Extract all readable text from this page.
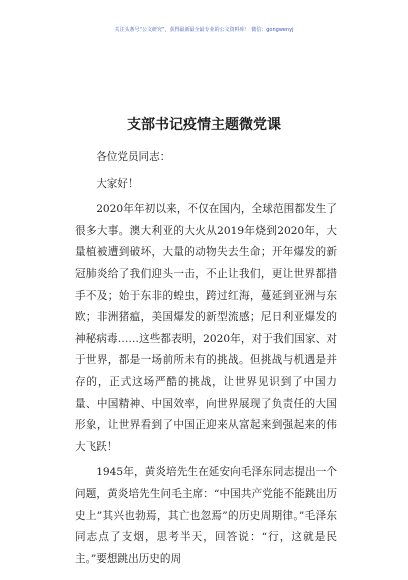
关注头条号“公文研究”，获得最新最全最专业的公文资料库！ 微信：gongwenyj
支部书记疫情主题微党课

各位党员同志：

大家好！

2020年年初以来，不仅在国内，全球范围都发生了很多大事。澳大利亚的大火从2019年烧到2020年，大量植被遭到破坏，大量的动物失去生命；开年爆发的新冠肺炎给了我们迎头一击，不止让我们，更让世界都措手不及；始于东非的蝗虫，跨过红海，蔓延到亚洲与东欧；非洲猪瘟，美国爆发的新型流感；尼日利亚爆发的神秘病毒……这些都表明，2020年，对于我们国家、对于世界，都是一场前所未有的挑战。但挑战与机遇是并存的，正式这场严酷的挑战，让世界见识到了中国力量、中国精神、中国效率，向世界展现了负责任的大国形象，让世界看到了中国正迎来从富起来到强起来的伟大飞跃！

1945年，黄炎培先生在延安向毛泽东同志提出一个问题，黄炎培先生问毛主席：“中国共产党能不能跳出历史上”其兴也勃焉，其亡也忽焉”的历史周期律。”毛泽东同志点了支烟，思考半天，回答说：“行，这就是民主。”要想跳出历史的周
